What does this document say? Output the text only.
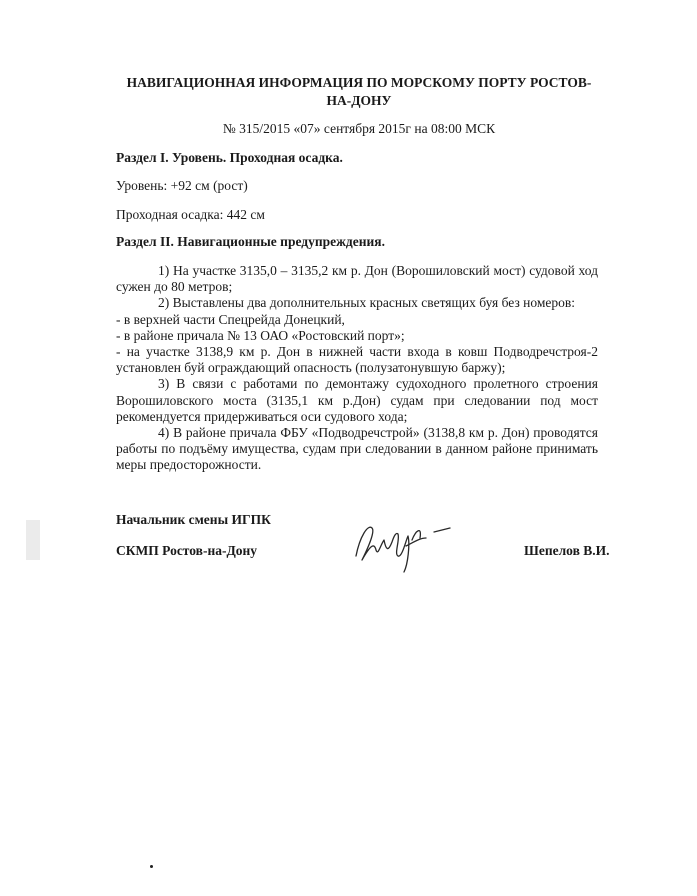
НАВИГАЦИОННАЯ ИНФОРМАЦИЯ ПО МОРСКОМУ ПОРТУ РОСТОВ-НА-ДОНУ
№ 315/2015 «07» сентября 2015г на 08:00 МСК
Раздел I. Уровень. Проходная осадка.
Уровень: +92 см (рост)
Проходная осадка: 442 см
Раздел II. Навигационные предупреждения.

1) На участке 3135,0 – 3135,2 км р. Дон (Ворошиловский мост) судовой ход сужен до 80 метров;

2) Выставлены два дополнительных красных светящих буя без номеров:

- в верхней части Спецрейда Донецкий,

- в районе причала № 13 ОАО «Ростовский порт»;

- на участке 3138,9 км р. Дон в нижней части входа в ковш Подводречстроя-2 установлен буй ограждающий опасность (полузатонувшую баржу);

3) В связи с работами по демонтажу судоходного пролетного строения Ворошиловского моста (3135,1 км р.Дон) судам при следовании под мост рекомендуется придерживаться оси судового хода;

4) В районе причала ФБУ «Подводречстрой» (3138,8 км р. Дон) проводятся работы по подъёму имущества, судам при следовании в данном районе принимать меры предосторожности.

Начальник смены ИГПК
СКМП Ростов-на-Дону	Шепелов В.И.
